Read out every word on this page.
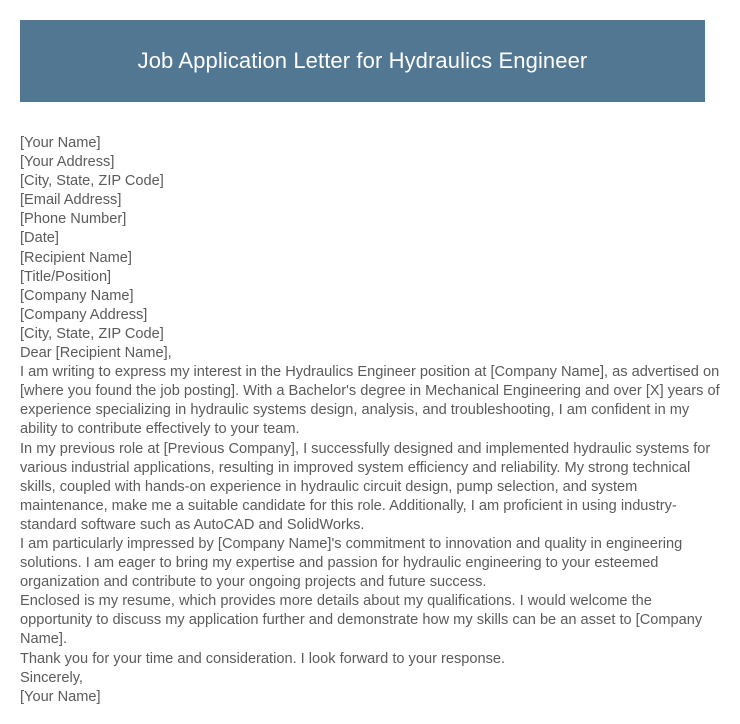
Job Application Letter for Hydraulics Engineer
[Your Name]
[Your Address]
[City, State, ZIP Code]
[Email Address]
[Phone Number]
[Date]
[Recipient Name]
[Title/Position]
[Company Name]
[Company Address]
[City, State, ZIP Code]
Dear [Recipient Name],
I am writing to express my interest in the Hydraulics Engineer position at [Company Name], as advertised on [where you found the job posting]. With a Bachelor's degree in Mechanical Engineering and over [X] years of experience specializing in hydraulic systems design, analysis, and troubleshooting, I am confident in my ability to contribute effectively to your team.
In my previous role at [Previous Company], I successfully designed and implemented hydraulic systems for various industrial applications, resulting in improved system efficiency and reliability. My strong technical skills, coupled with hands-on experience in hydraulic circuit design, pump selection, and system maintenance, make me a suitable candidate for this role. Additionally, I am proficient in using industry-standard software such as AutoCAD and SolidWorks.
I am particularly impressed by [Company Name]'s commitment to innovation and quality in engineering solutions. I am eager to bring my expertise and passion for hydraulic engineering to your esteemed organization and contribute to your ongoing projects and future success.
Enclosed is my resume, which provides more details about my qualifications. I would welcome the opportunity to discuss my application further and demonstrate how my skills can be an asset to [Company Name].
Thank you for your time and consideration. I look forward to your response.
Sincerely,
[Your Name]
